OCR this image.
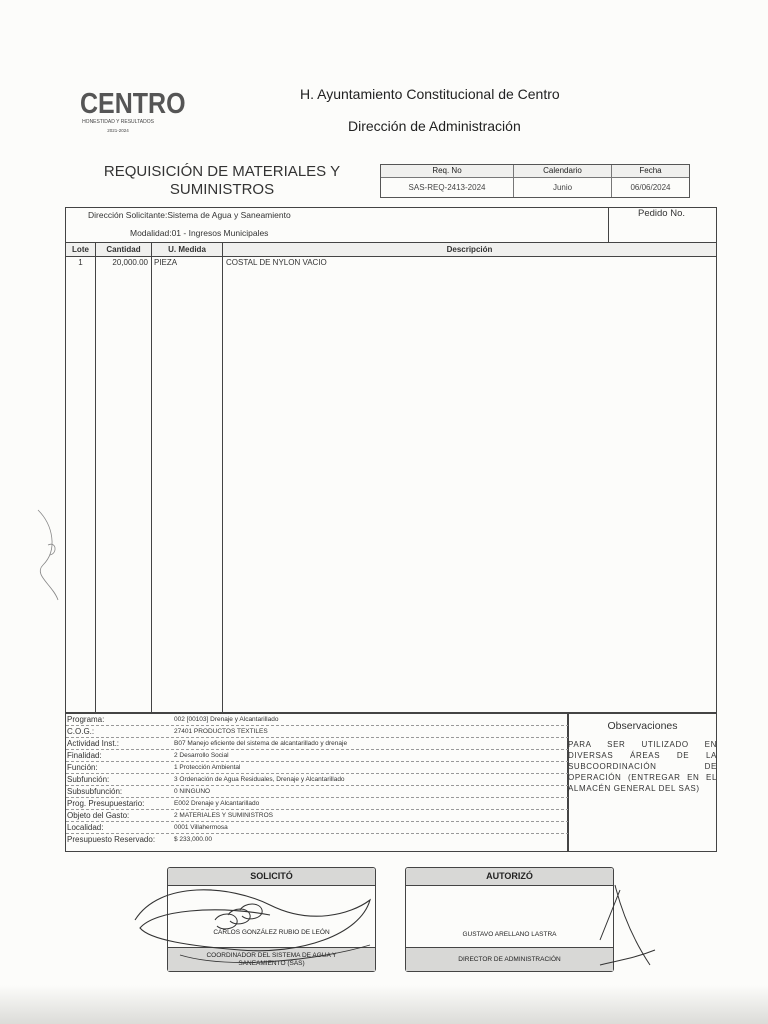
CENTRO
HONESTIDAD Y RESULTADOS
2021-2024
H. Ayuntamiento Constitucional de Centro
Dirección de Administración
REQUISICIÓN DE MATERIALES Y
SUMINISTROS
Req. No	Calendario	Fecha
SAS-REQ-2413-2024	Junio	06/06/2024
Dirección Solicitante:Sistema de Agua y Saneamiento
Modalidad:01 - Ingresos Municipales
Pedido No.
Lote	Cantidad	U. Medida	Descripción
1	20,000.00 PIEZA	COSTAL DE NYLON VACIO
Programa:	002 [00103] Drenaje y Alcantarillado
C.O.G.:	27401 PRODUCTOS TEXTILES
Actividad Inst.:	B07 Manejo eficiente del sistema de alcantarillado y drenaje
Finalidad:	2 Desarrollo Social
Función:	1 Protección Ambiental
Subfunción:	3 Ordenación de Agua Residuales, Drenaje y Alcantarillado
Subsubfunción:	0 NINGUNO
Prog. Presupuestario:	E002 Drenaje y Alcantarillado
Objeto del Gasto:	2 MATERIALES Y SUMINISTROS
Localidad:	0001 Villahermosa
Presupuesto Reservado:	$ 233,000.00
Observaciones
PARA SER UTILIZADO EN DIVERSAS ÁREAS DE LA SUBCOORDINACIÓN DE OPERACIÓN (ENTREGAR EN EL ALMACÉN GENERAL DEL SAS)
SOLICITÓ
CARLOS GONZÁLEZ RUBIO DE LEÓN
COORDINADOR DEL SISTEMA DE AGUA Y SANEAMIENTO (SAS)
AUTORIZÓ
GUSTAVO ARELLANO LASTRA
DIRECTOR DE ADMINISTRACIÓN
